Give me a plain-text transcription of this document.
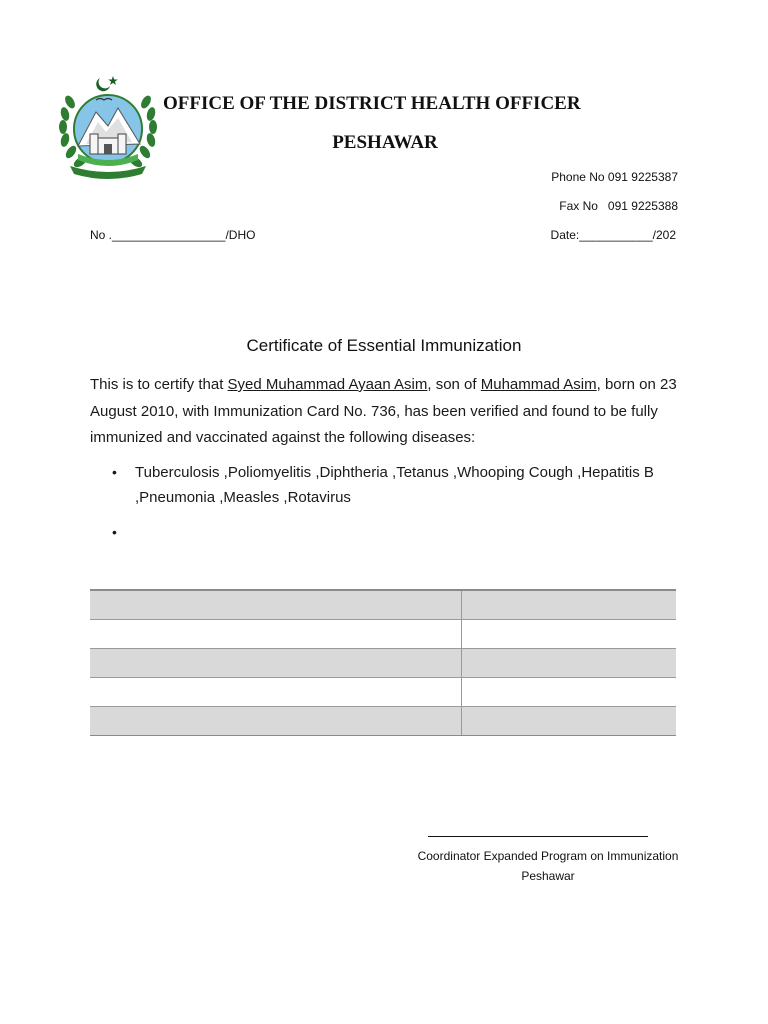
OFFICE OF THE DISTRICT HEALTH OFFICER
PESHAWAR
Phone No 091 9225387
Fax No   091 9225388
No ._________________/DHO	Date:___________/202
Certificate of Essential Immunization
This is to certify that Syed Muhammad Ayaan Asim, son of Muhammad Asim, born on 23 August 2010, with Immunization Card No. 736, has been verified and found to be fully immunized and vaccinated against the following diseases:
• Tuberculosis ,Poliomyelitis ,Diphtheria ,Tetanus ,Whooping Cough ,Hepatitis B ,Pneumonia ,Measles ,Rotavirus
•

Coordinator Expanded Program on Immunization
Peshawar
